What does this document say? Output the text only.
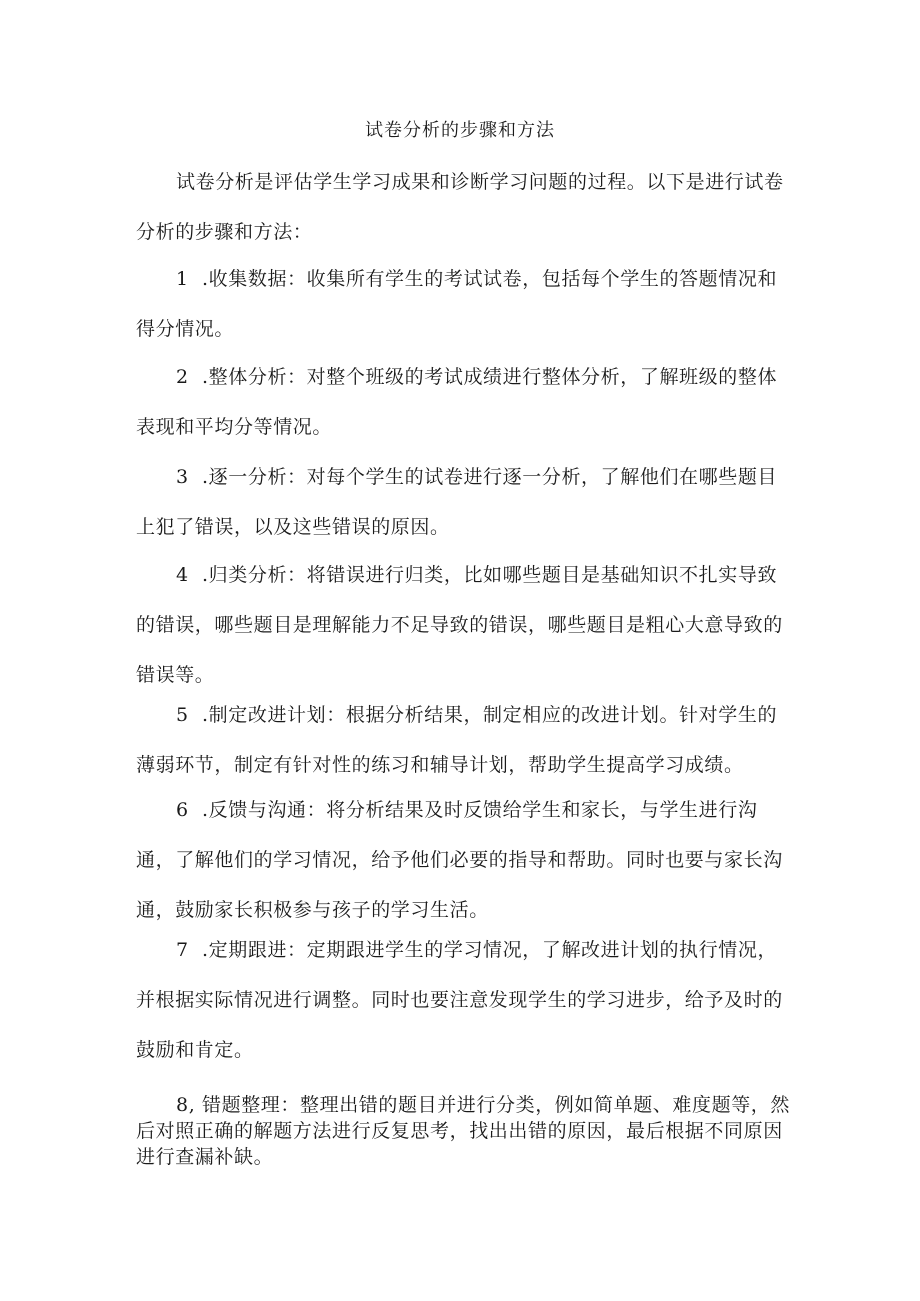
试卷分析的步骤和方法
试卷分析是评估学生学习成果和诊断学习问题的过程。以下是进行试卷分析的步骤和方法：
1 .收集数据：收集所有学生的考试试卷，包括每个学生的答题情况和得分情况。
2 .整体分析：对整个班级的考试成绩进行整体分析，了解班级的整体表现和平均分等情况。
3 .逐一分析：对每个学生的试卷进行逐一分析，了解他们在哪些题目上犯了错误，以及这些错误的原因。
4 .归类分析：将错误进行归类，比如哪些题目是基础知识不扎实导致的错误，哪些题目是理解能力不足导致的错误，哪些题目是粗心大意导致的错误等。
5 .制定改进计划：根据分析结果，制定相应的改进计划。针对学生的薄弱环节，制定有针对性的练习和辅导计划，帮助学生提高学习成绩。
6 .反馈与沟通：将分析结果及时反馈给学生和家长，与学生进行沟通，了解他们的学习情况，给予他们必要的指导和帮助。同时也要与家长沟通，鼓励家长积极参与孩子的学习生活。
7 .定期跟进：定期跟进学生的学习情况，了解改进计划的执行情况，并根据实际情况进行调整。同时也要注意发现学生的学习进步，给予及时的鼓励和肯定。
8, 错题整理：整理出错的题目并进行分类，例如简单题、难度题等，然后对照正确的解题方法进行反复思考，找出出错的原因，最后根据不同原因进行查漏补缺。
